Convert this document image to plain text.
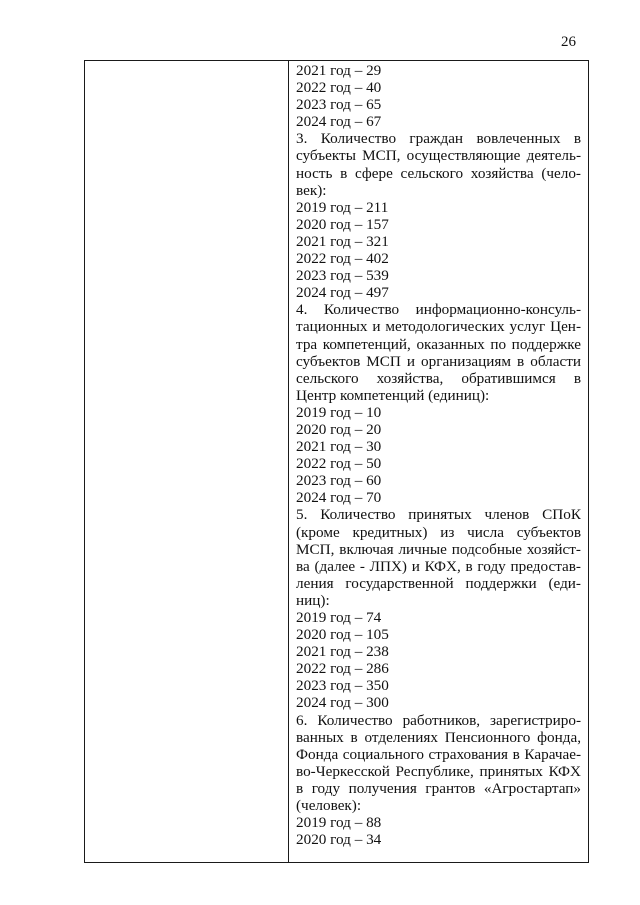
26
2021 год – 29
2022 год – 40
2023 год – 65
2024 год – 67
3. Количество граждан вовлеченных в
субъекты МСП, осуществляющие деятель-
ность в сфере сельского хозяйства (чело-
век):
2019 год – 211
2020 год – 157
2021 год – 321
2022 год – 402
2023 год – 539
2024 год – 497
4. Количество информационно-консуль-
тационных и методологических услуг Цен-
тра компетенций, оказанных по поддержке
субъектов МСП и организациям в области
сельского хозяйства, обратившимся в
Центр компетенций (единиц):
2019 год – 10
2020 год – 20
2021 год – 30
2022 год – 50
2023 год – 60
2024 год – 70
5. Количество принятых членов СПоК
(кроме кредитных) из числа субъектов
МСП, включая личные подсобные хозяйст-
ва (далее - ЛПХ) и КФХ, в году предостав-
ления государственной поддержки (еди-
ниц):
2019 год – 74
2020 год – 105
2021 год – 238
2022 год – 286
2023 год – 350
2024 год – 300
6. Количество работников, зарегистриро-
ванных в отделениях Пенсионного фонда,
Фонда социального страхования в Карачае-
во-Черкесской Республике, принятых КФХ
в году получения грантов «Агростартап»
(человек):
2019 год – 88
2020 год – 34
